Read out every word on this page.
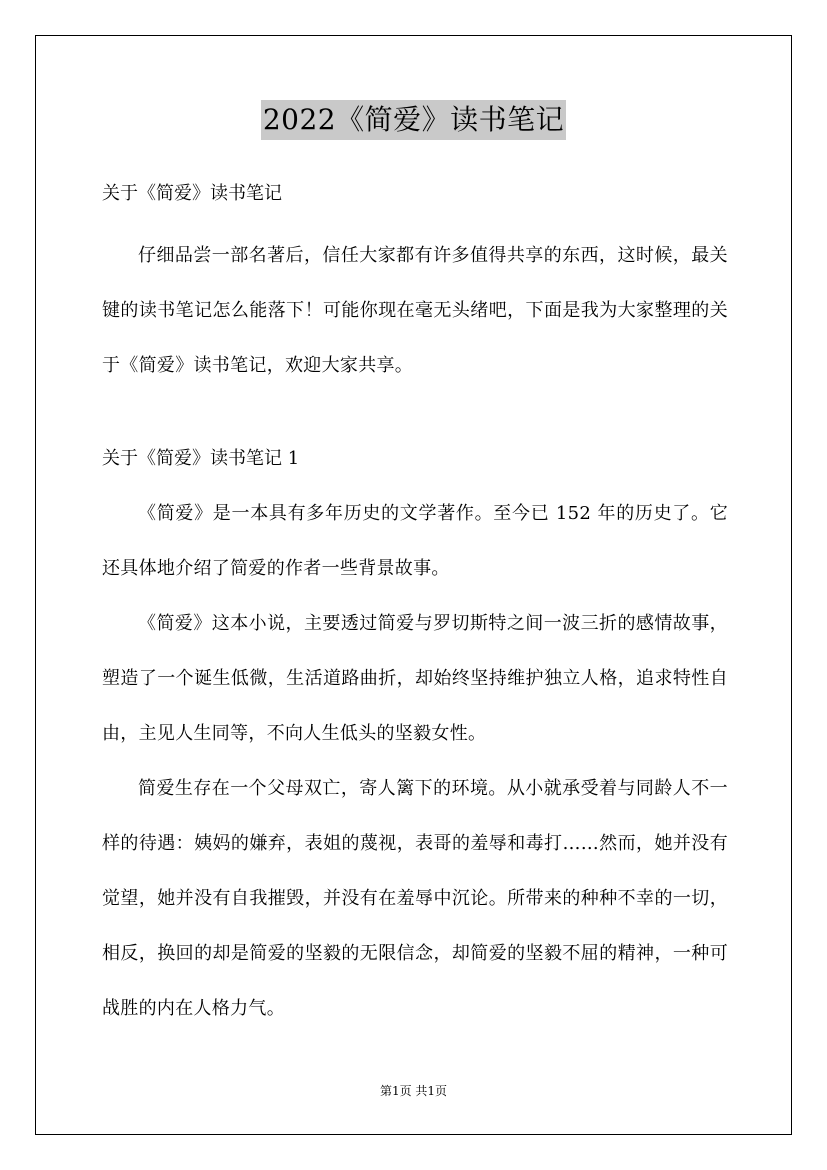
2022《简爱》读书笔记

关于《简爱》读书笔记

仔细品尝一部名著后，信任大家都有许多值得共享的东西，这时候，最关键的读书笔记怎么能落下！可能你现在毫无头绪吧，下面是我为大家整理的关于《简爱》读书笔记，欢迎大家共享。

关于《简爱》读书笔记 1

《简爱》是一本具有多年历史的文学著作。至今已 152 年的历史了。它还具体地介绍了简爱的作者一些背景故事。

《简爱》这本小说，主要透过简爱与罗切斯特之间一波三折的感情故事，塑造了一个诞生低微，生活道路曲折，却始终坚持维护独立人格，追求特性自由，主见人生同等，不向人生低头的坚毅女性。

简爱生存在一个父母双亡，寄人篱下的环境。从小就承受着与同龄人不一样的待遇：姨妈的嫌弃，表姐的蔑视，表哥的羞辱和毒打……然而，她并没有觉望，她并没有自我摧毁，并没有在羞辱中沉论。所带来的种种不幸的一切，相反，换回的却是简爱的坚毅的无限信念，却简爱的坚毅不屈的精神，一种可战胜的内在人格力气。

第1页 共1页
